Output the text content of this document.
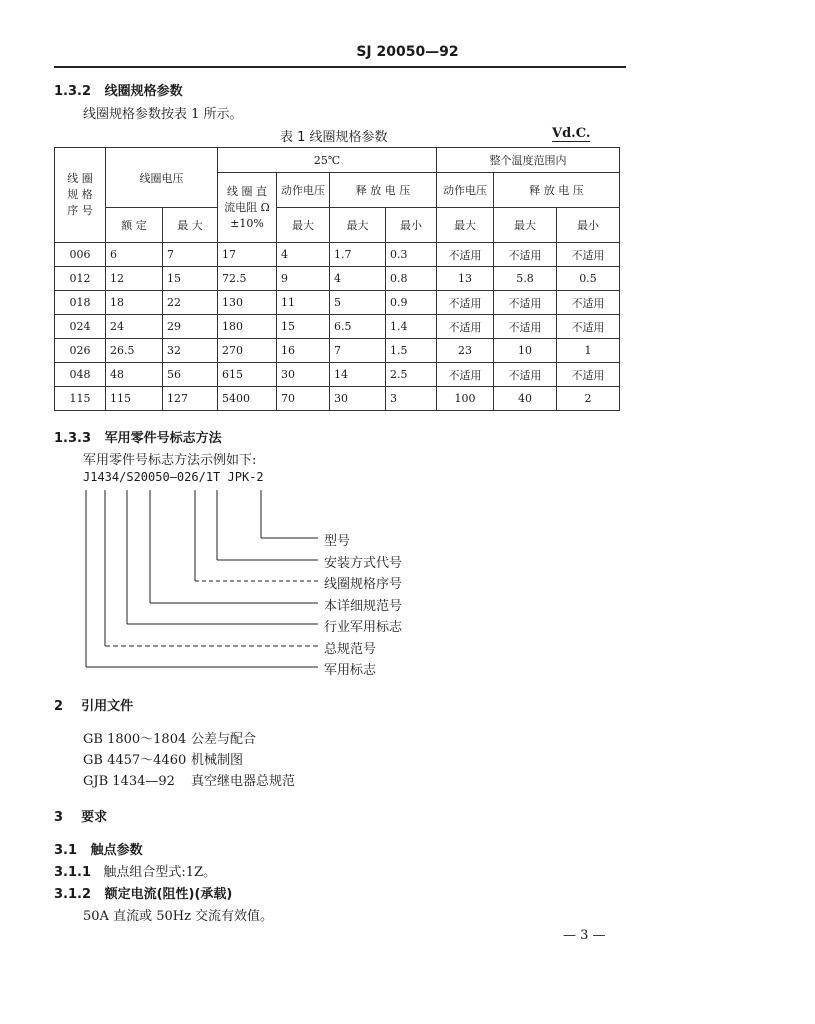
SJ 20050—92
1.3.2 线圈规格参数
线圈规格参数按表 1 所示。
表 1 线圈规格参数	Vd.C.
线 圈 规 格 序 号	线圈电压		25℃				整个温度范围内		
			线 圈 直流电阻 Ω ±10%	动作电压	释 放 电 压		动作电压	释 放 电 压	
	额 定	最 大		最大	最大	最小	最大	最大	最小
006	6	7	17	4	1.7	0.3	不适用	不适用	不适用
012	12	15	72.5	9	4	0.8	13	5.8	0.5
018	18	22	130	11	5	0.9	不适用	不适用	不适用
024	24	29	180	15	6.5	1.4	不适用	不适用	不适用
026	26.5	32	270	16	7	1.5	23	10	1
048	48	56	615	30	14	2.5	不适用	不适用	不适用
115	115	127	5400	70	30	3	100	40	2
1.3.3 军用零件号标志方法
军用零件号标志方法示例如下:
J1434/S20050—026/1T JPK-2
型号
安装方式代号
线圈规格序号
本详细规范号
行业军用标志
总规范号
军用标志
2 引用文件
GB 1800～1804 公差与配合
GB 4457～4460 机械制图
GJB 1434—92 真空继电器总规范
3 要求
3.1 触点参数
3.1.1 触点组合型式:1Z。
3.1.2 额定电流(阻性)(承载)
50A 直流或 50Hz 交流有效值。
— 3 —
